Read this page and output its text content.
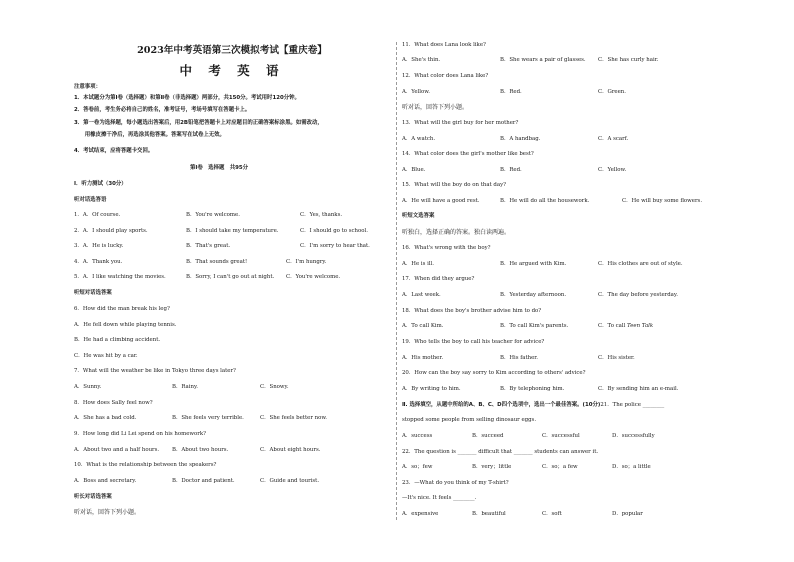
2023年中考英语第三次模拟考试【重庆卷】
中 考 英 语
注意事项：
1．本试题分为第Ⅰ卷（选择题）和第Ⅱ卷（非选择题）两部分，共150分。考试用时120分钟。
2．答卷前，考生务必将自己的姓名，准考证号，考场号填写在答题卡上。
3．第一卷为选择题，每小题选出答案后，用2B铅笔把答题卡上对应题目的正确答案标涂黑。如需改动，
　　用橡皮擦干净后，再选涂其他答案。答案写在试卷上无效。
4．考试结束，应将答题卡交回。
第Ⅰ卷　选择题　共95分
Ⅰ．听力测试（30分）
听对话选答语
1．A．Of course.	B．You're welcome.	C．Yes, thanks.
2．A．I should play sports.	B．I should take my temperature.	C．I should go to school.
3．A．He is lucky.	B．That's great.	C．I'm sorry to hear that.
4．A．Thank you.	B．That sounds great!	C．I'm hungry.
5．A．I like watching the movies.	B．Sorry, I can't go out at night. C．You're welcome.
听短对话选答案
6．How did the man break his leg?
A．He fell down while playing tennis.
B．He had a climbing accident.
C．He was hit by a car.
7．What will the weather be like in Tokyo three days later?
A．Sunny.	B．Rainy.	C．Snowy.
8．How does Sally feel now?
A．She has a bad cold.	B．She feels very terrible.	C．She feels better now.
9．How long did Li Lei spend on his homework?
A．About two and a half hours. B．About two hours.	C．About eight hours.
10．What is the relationship between the speakers?
A．Boss and secretary.	B．Doctor and patient.	C．Guide and tourist.
听长对话选答案
听对话，回答下列小题。
11．What does Lana look like?
A．She's thin.	B．She wears a pair of glasses. C．She has curly hair.
12．What color does Lana like?
A．Yellow.	B．Red.	C．Green.
听对话，回答下列小题。
13．What will the girl buy for her mother?
A．A watch.	B．A handbag.	C．A scarf.
14．What color does the girl's mother like best?
A．Blue.	B．Red.	C．Yellow.
15．What will the boy do on that day?
A．He will have a good rest.	B．He will do all the housework.	C．He will buy some flowers.
听短文选答案
听独白，选择正确的答案。独白读两遍。
16．What's wrong with the boy?
A．He is ill.	B．He argued with Kim.	C．His clothes are out of style.
17．When did they argue?
A．Last week.	B．Yesterday afternoon.	C．The day before yesterday.
18．What does the boy's brother advise him to do?
A．To call Kim.	B．To call Kim's parents.	C．To call Teen Talk
19．Who tells the boy to call his teacher for advice?
A．His mother.	B．His father.	C．His sister.
20．How can the boy say sorry to Kim according to others' advice?
A．By writing to him.	B．By telephoning him.	C．By sending him an e-mail.
Ⅱ. 选择填空，从题中所给的A、B、C、D四个选项中，选出一个最佳答案。(10分)21．The police ________
stopped some people from selling dinosaur eggs.
A．success	B．succeed	C．successful	D．successfully
22．The question is _______ difficult that _______ students can answer it.
A．so；few	B．very；little	C．so；a few	D．so；a little
23．—What do you think of my T-shirt?
—It's nice. It feels ________.
A．expensive	B．beautiful	C．soft	D．popular
